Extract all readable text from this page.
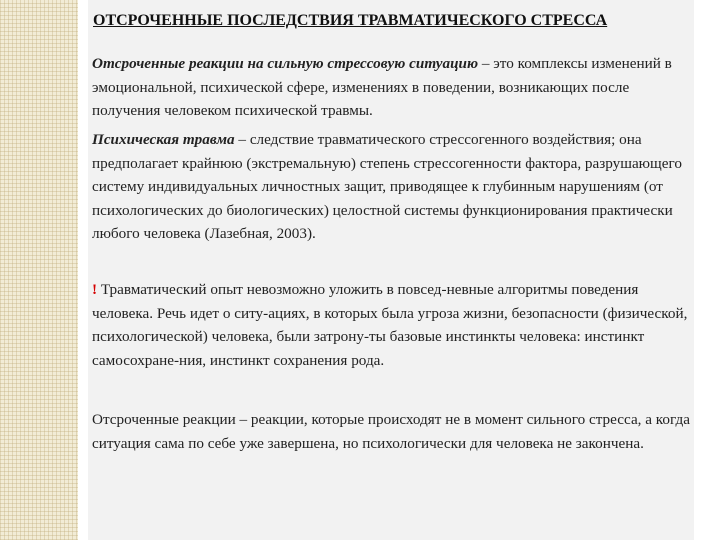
ОТСРОЧЕННЫЕ ПОСЛЕДСТВИЯ ТРАВМАТИЧЕСКОГО СТРЕССА
Отсроченные реакции на сильную стрессовую ситуацию – это комплексы изменений в эмоциональной, психической сфере, изменениях в поведении, возникающих после получения человеком психической травмы.
Психическая травма – следствие травматического стрессогенного воздействия; она предполагает крайнюю (экстремальную) степень стрессогенности фактора, разрушающего систему индивидуальных личностных защит, приводящее к глубинным нарушениям (от психологических до биологических) целостной системы функционирования практически любого человека (Лазебная, 2003).
! Травматический опыт невозможно уложить в повсед-невные алгоритмы поведения человека. Речь идет о ситу-ациях, в которых была угроза жизни, безопасности (физической, психологической) человека, были затрону-ты базовые инстинкты человека: инстинкт самосохране-ния, инстинкт сохранения рода.
Отсроченные реакции – реакции, которые происходят не в момент сильного стресса, а когда ситуация сама по себе уже завершена, но психологически для человека не закончена.
